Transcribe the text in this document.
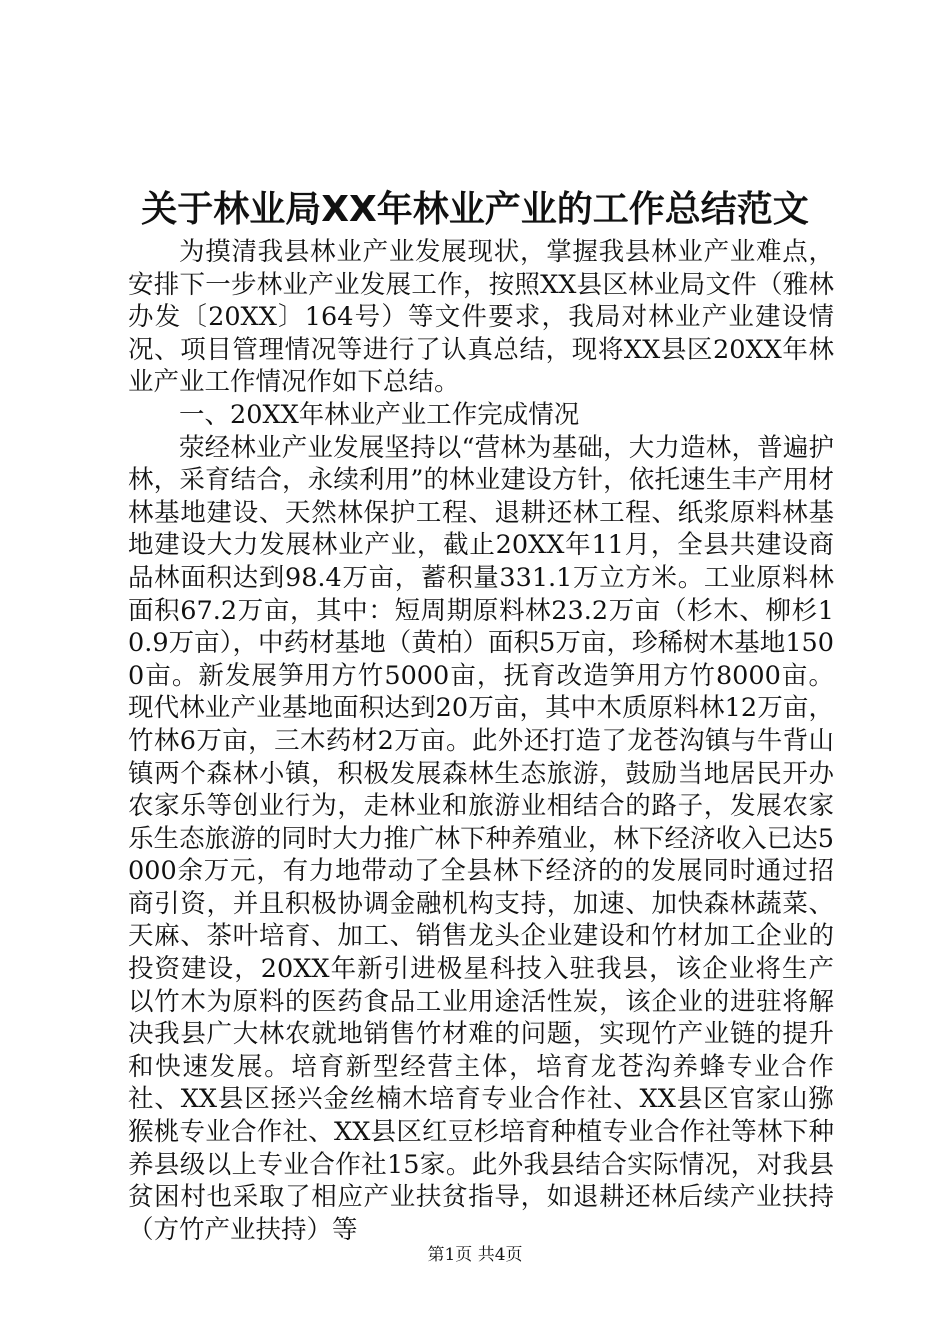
关于林业局XX年林业产业的工作总结范文

为摸清我县林业产业发展现状，掌握我县林业产业难点，安排下一步林业产业发展工作，按照XX县区林业局文件（雅林办发〔20XX〕164号）等文件要求，我局对林业产业建设情况、项目管理情况等进行了认真总结，现将XX县区20XX年林业产业工作情况作如下总结。

一、20XX年林业产业工作完成情况

荥经林业产业发展坚持以“营林为基础，大力造林，普遍护林，采育结合，永续利用”的林业建设方针，依托速生丰产用材林基地建设、天然林保护工程、退耕还林工程、纸浆原料林基地建设大力发展林业产业，截止20XX年11月，全县共建设商品林面积达到98.4万亩，蓄积量331.1万立方米。工业原料林面积67.2万亩，其中：短周期原料林23.2万亩（杉木、柳杉10.9万亩），中药材基地（黄柏）面积5万亩，珍稀树木基地1500亩。新发展笋用方竹5000亩，抚育改造笋用方竹8000亩。现代林业产业基地面积达到20万亩，其中木质原料林12万亩，竹林6万亩，三木药材2万亩。此外还打造了龙苍沟镇与牛背山镇两个森林小镇，积极发展森林生态旅游，鼓励当地居民开办农家乐等创业行为，走林业和旅游业相结合的路子，发展农家乐生态旅游的同时大力推广林下种养殖业，林下经济收入已达5000余万元，有力地带动了全县林下经济的的发展同时通过招商引资，并且积极协调金融机构支持，加速、加快森林蔬菜、天麻、茶叶培育、加工、销售龙头企业建设和竹材加工企业的投资建设，20XX年新引进极星科技入驻我县，该企业将生产以竹木为原料的医药食品工业用途活性炭，该企业的进驻将解决我县广大林农就地销售竹材难的问题，实现竹产业链的提升和快速发展。培育新型经营主体，培育龙苍沟养蜂专业合作社、XX县区拯兴金丝楠木培育专业合作社、XX县区官家山猕猴桃专业合作社、XX县区红豆杉培育种植专业合作社等林下种养县级以上专业合作社15家。此外我县结合实际情况，对我县贫困村也采取了相应产业扶贫指导，如退耕还林后续产业扶持（方竹产业扶持）等

第1页 共4页
